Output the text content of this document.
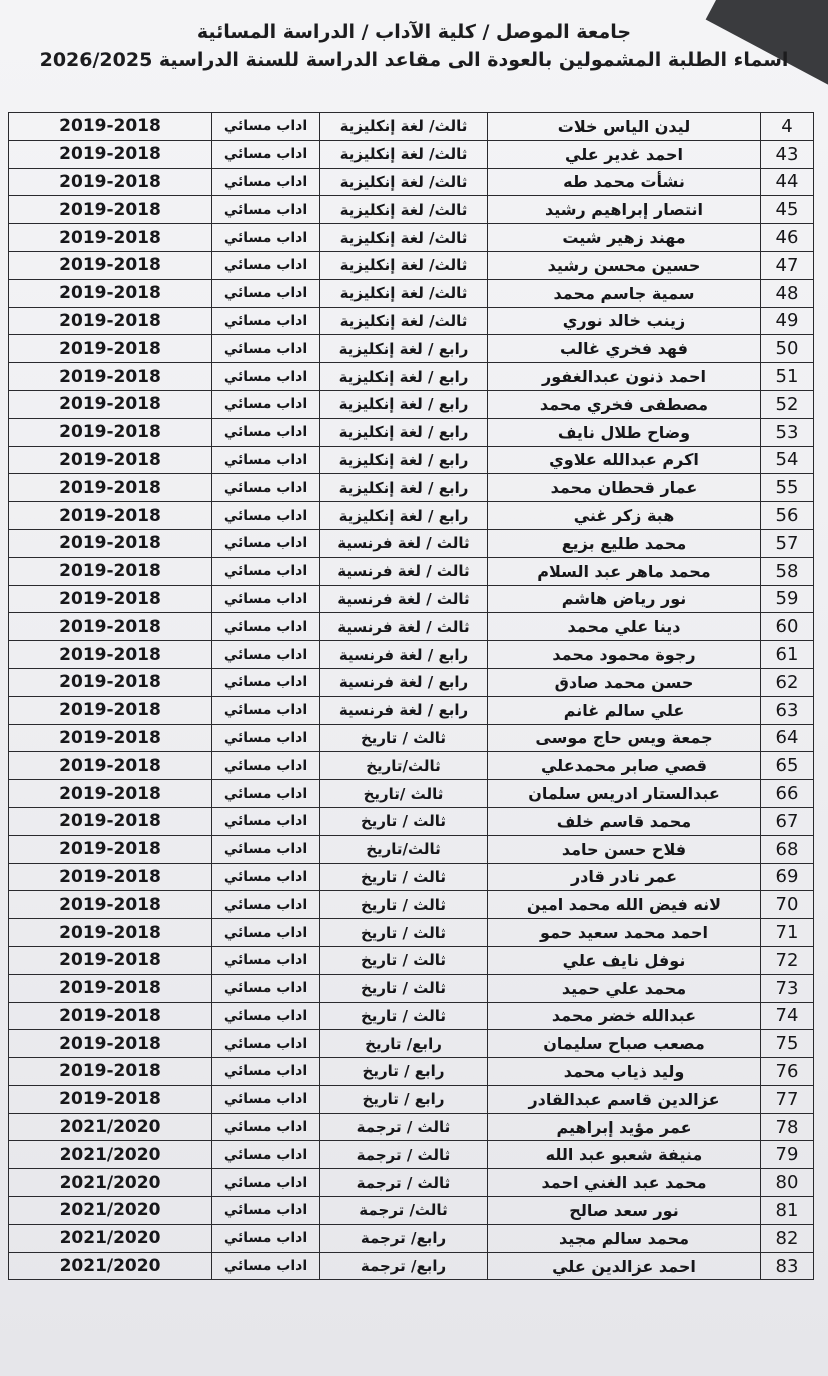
جامعة الموصل / كلية الآداب / الدراسة المسائية
اسماء الطلبة المشمولين بالعودة الى مقاعد الدراسة للسنة الدراسية 2026/2025
4	ليدن الياس خلات	ثالث/ لغة إنكليزية	اداب مسائي	2019-2018
43	احمد غدير علي	ثالث/ لغة إنكليزية	اداب مسائي	2019-2018
44	نشأت محمد طه	ثالث/ لغة إنكليزية	اداب مسائي	2019-2018
45	انتصار إبراهيم رشيد	ثالث/ لغة إنكليزية	اداب مسائي	2019-2018
46	مهند زهير شيت	ثالث/ لغة إنكليزية	اداب مسائي	2019-2018
47	حسين محسن رشيد	ثالث/ لغة إنكليزية	اداب مسائي	2019-2018
48	سمية جاسم محمد	ثالث/ لغة إنكليزية	اداب مسائي	2019-2018
49	زينب خالد نوري	ثالث/ لغة إنكليزية	اداب مسائي	2019-2018
50	فهد فخري غالب	رابع / لغة إنكليزية	اداب مسائي	2019-2018
51	احمد ذنون عبدالغفور	رابع / لغة إنكليزية	اداب مسائي	2019-2018
52	مصطفى فخري محمد	رابع / لغة إنكليزية	اداب مسائي	2019-2018
53	وضاح طلال نايف	رابع / لغة إنكليزية	اداب مسائي	2019-2018
54	اكرم عبدالله علاوي	رابع / لغة إنكليزية	اداب مسائي	2019-2018
55	عمار قحطان محمد	رابع / لغة إنكليزية	اداب مسائي	2019-2018
56	هبة زكر غني	رابع / لغة إنكليزية	اداب مسائي	2019-2018
57	محمد طليع بزيع	ثالث / لغة فرنسية	اداب مسائي	2019-2018
58	محمد ماهر عبد السلام	ثالث / لغة فرنسية	اداب مسائي	2019-2018
59	نور رياض هاشم	ثالث / لغة فرنسية	اداب مسائي	2019-2018
60	دينا علي محمد	ثالث / لغة فرنسية	اداب مسائي	2019-2018
61	رجوة محمود محمد	رابع / لغة فرنسية	اداب مسائي	2019-2018
62	حسن محمد صادق	رابع / لغة فرنسية	اداب مسائي	2019-2018
63	علي سالم غانم	رابع / لغة فرنسية	اداب مسائي	2019-2018
64	جمعة ويس حاج موسى	ثالث / تاريخ	اداب مسائي	2019-2018
65	قصي صابر محمدعلي	ثالث/تاريخ	اداب مسائي	2019-2018
66	عبدالستار ادريس سلمان	ثالث /تاريخ	اداب مسائي	2019-2018
67	محمد قاسم خلف	ثالث / تاريخ	اداب مسائي	2019-2018
68	فلاح حسن حامد	ثالث/تاريخ	اداب مسائي	2019-2018
69	عمر نادر قادر	ثالث / تاريخ	اداب مسائي	2019-2018
70	لانه فيض الله محمد امين	ثالث / تاريخ	اداب مسائي	2019-2018
71	احمد محمد سعيد حمو	ثالث / تاريخ	اداب مسائي	2019-2018
72	نوفل نايف علي	ثالث / تاريخ	اداب مسائي	2019-2018
73	محمد علي حميد	ثالث / تاريخ	اداب مسائي	2019-2018
74	عبدالله خضر محمد	ثالث / تاريخ	اداب مسائي	2019-2018
75	مصعب صباح سليمان	رابع/ تاريخ	اداب مسائي	2019-2018
76	وليد ذياب محمد	رابع / تاريخ	اداب مسائي	2019-2018
77	عزالدين قاسم عبدالقادر	رابع / تاريخ	اداب مسائي	2019-2018
78	عمر مؤيد إبراهيم	ثالث / ترجمة	اداب مسائي	2021/2020
79	منيفة شعبو عبد الله	ثالث / ترجمة	اداب مسائي	2021/2020
80	محمد عبد الغني احمد	ثالث / ترجمة	اداب مسائي	2021/2020
81	نور سعد صالح	ثالث/ ترجمة	اداب مسائي	2021/2020
82	محمد سالم مجيد	رابع/ ترجمة	اداب مسائي	2021/2020
83	احمد عزالدين علي	رابع/ ترجمة	اداب مسائي	2021/2020
